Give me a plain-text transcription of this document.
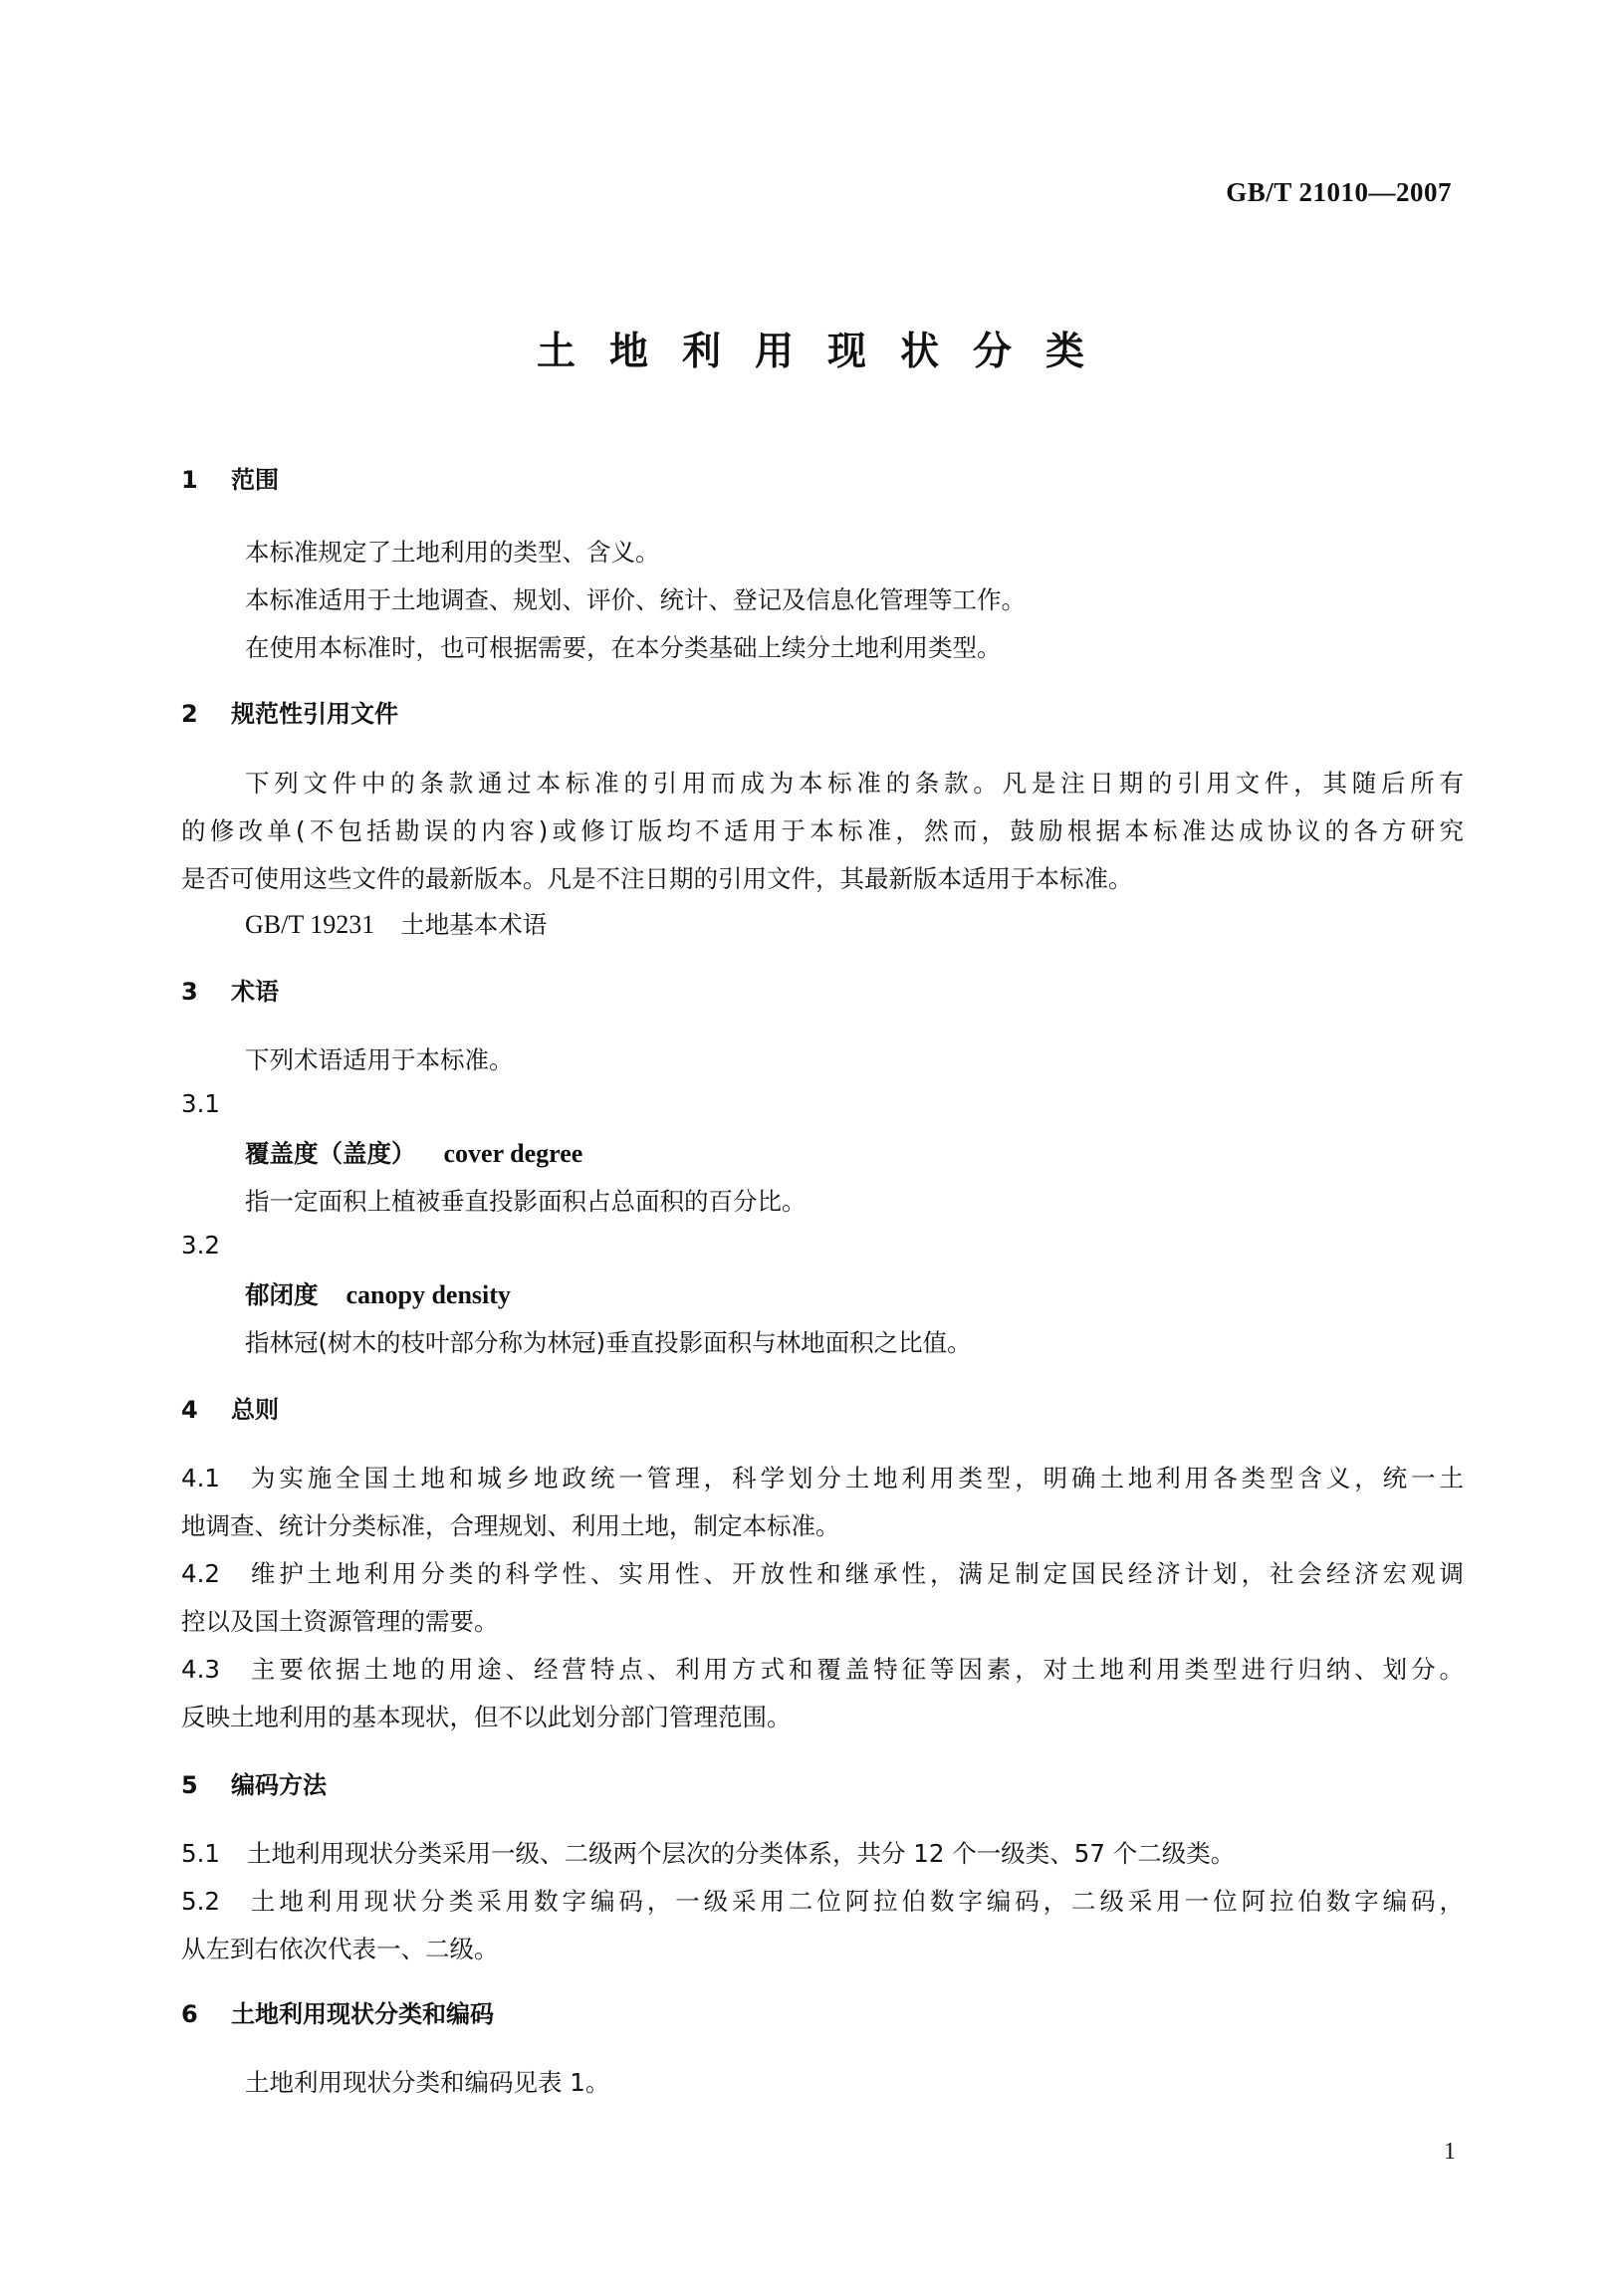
GB/T 21010—2007
土地利用现状分类
1 范围
本标准规定了土地利用的类型、含义。
本标准适用于土地调查、规划、评价、统计、登记及信息化管理等工作。
在使用本标准时，也可根据需要，在本分类基础上续分土地利用类型。
2 规范性引用文件
下列文件中的条款通过本标准的引用而成为本标准的条款。凡是注日期的引用文件，其随后所有
的修改单(不包括勘误的内容)或修订版均不适用于本标准，然而，鼓励根据本标准达成协议的各方研究
是否可使用这些文件的最新版本。凡是不注日期的引用文件，其最新版本适用于本标准。
GB/T 19231 土地基本术语
3 术语
下列术语适用于本标准。
3.1
覆盖度（盖度） cover degree
指一定面积上植被垂直投影面积占总面积的百分比。
3.2
郁闭度 canopy density
指林冠(树木的枝叶部分称为林冠)垂直投影面积与林地面积之比值。
4 总则
4.1 为实施全国土地和城乡地政统一管理，科学划分土地利用类型，明确土地利用各类型含义，统一土
地调查、统计分类标准，合理规划、利用土地，制定本标准。
4.2 维护土地利用分类的科学性、实用性、开放性和继承性，满足制定国民经济计划，社会经济宏观调
控以及国土资源管理的需要。
4.3 主要依据土地的用途、经营特点、利用方式和覆盖特征等因素，对土地利用类型进行归纳、划分。
反映土地利用的基本现状，但不以此划分部门管理范围。
5 编码方法
5.1 土地利用现状分类采用一级、二级两个层次的分类体系，共分 12 个一级类、57 个二级类。
5.2 土地利用现状分类采用数字编码，一级采用二位阿拉伯数字编码，二级采用一位阿拉伯数字编码，
从左到右依次代表一、二级。
6 土地利用现状分类和编码
土地利用现状分类和编码见表 1。
1
